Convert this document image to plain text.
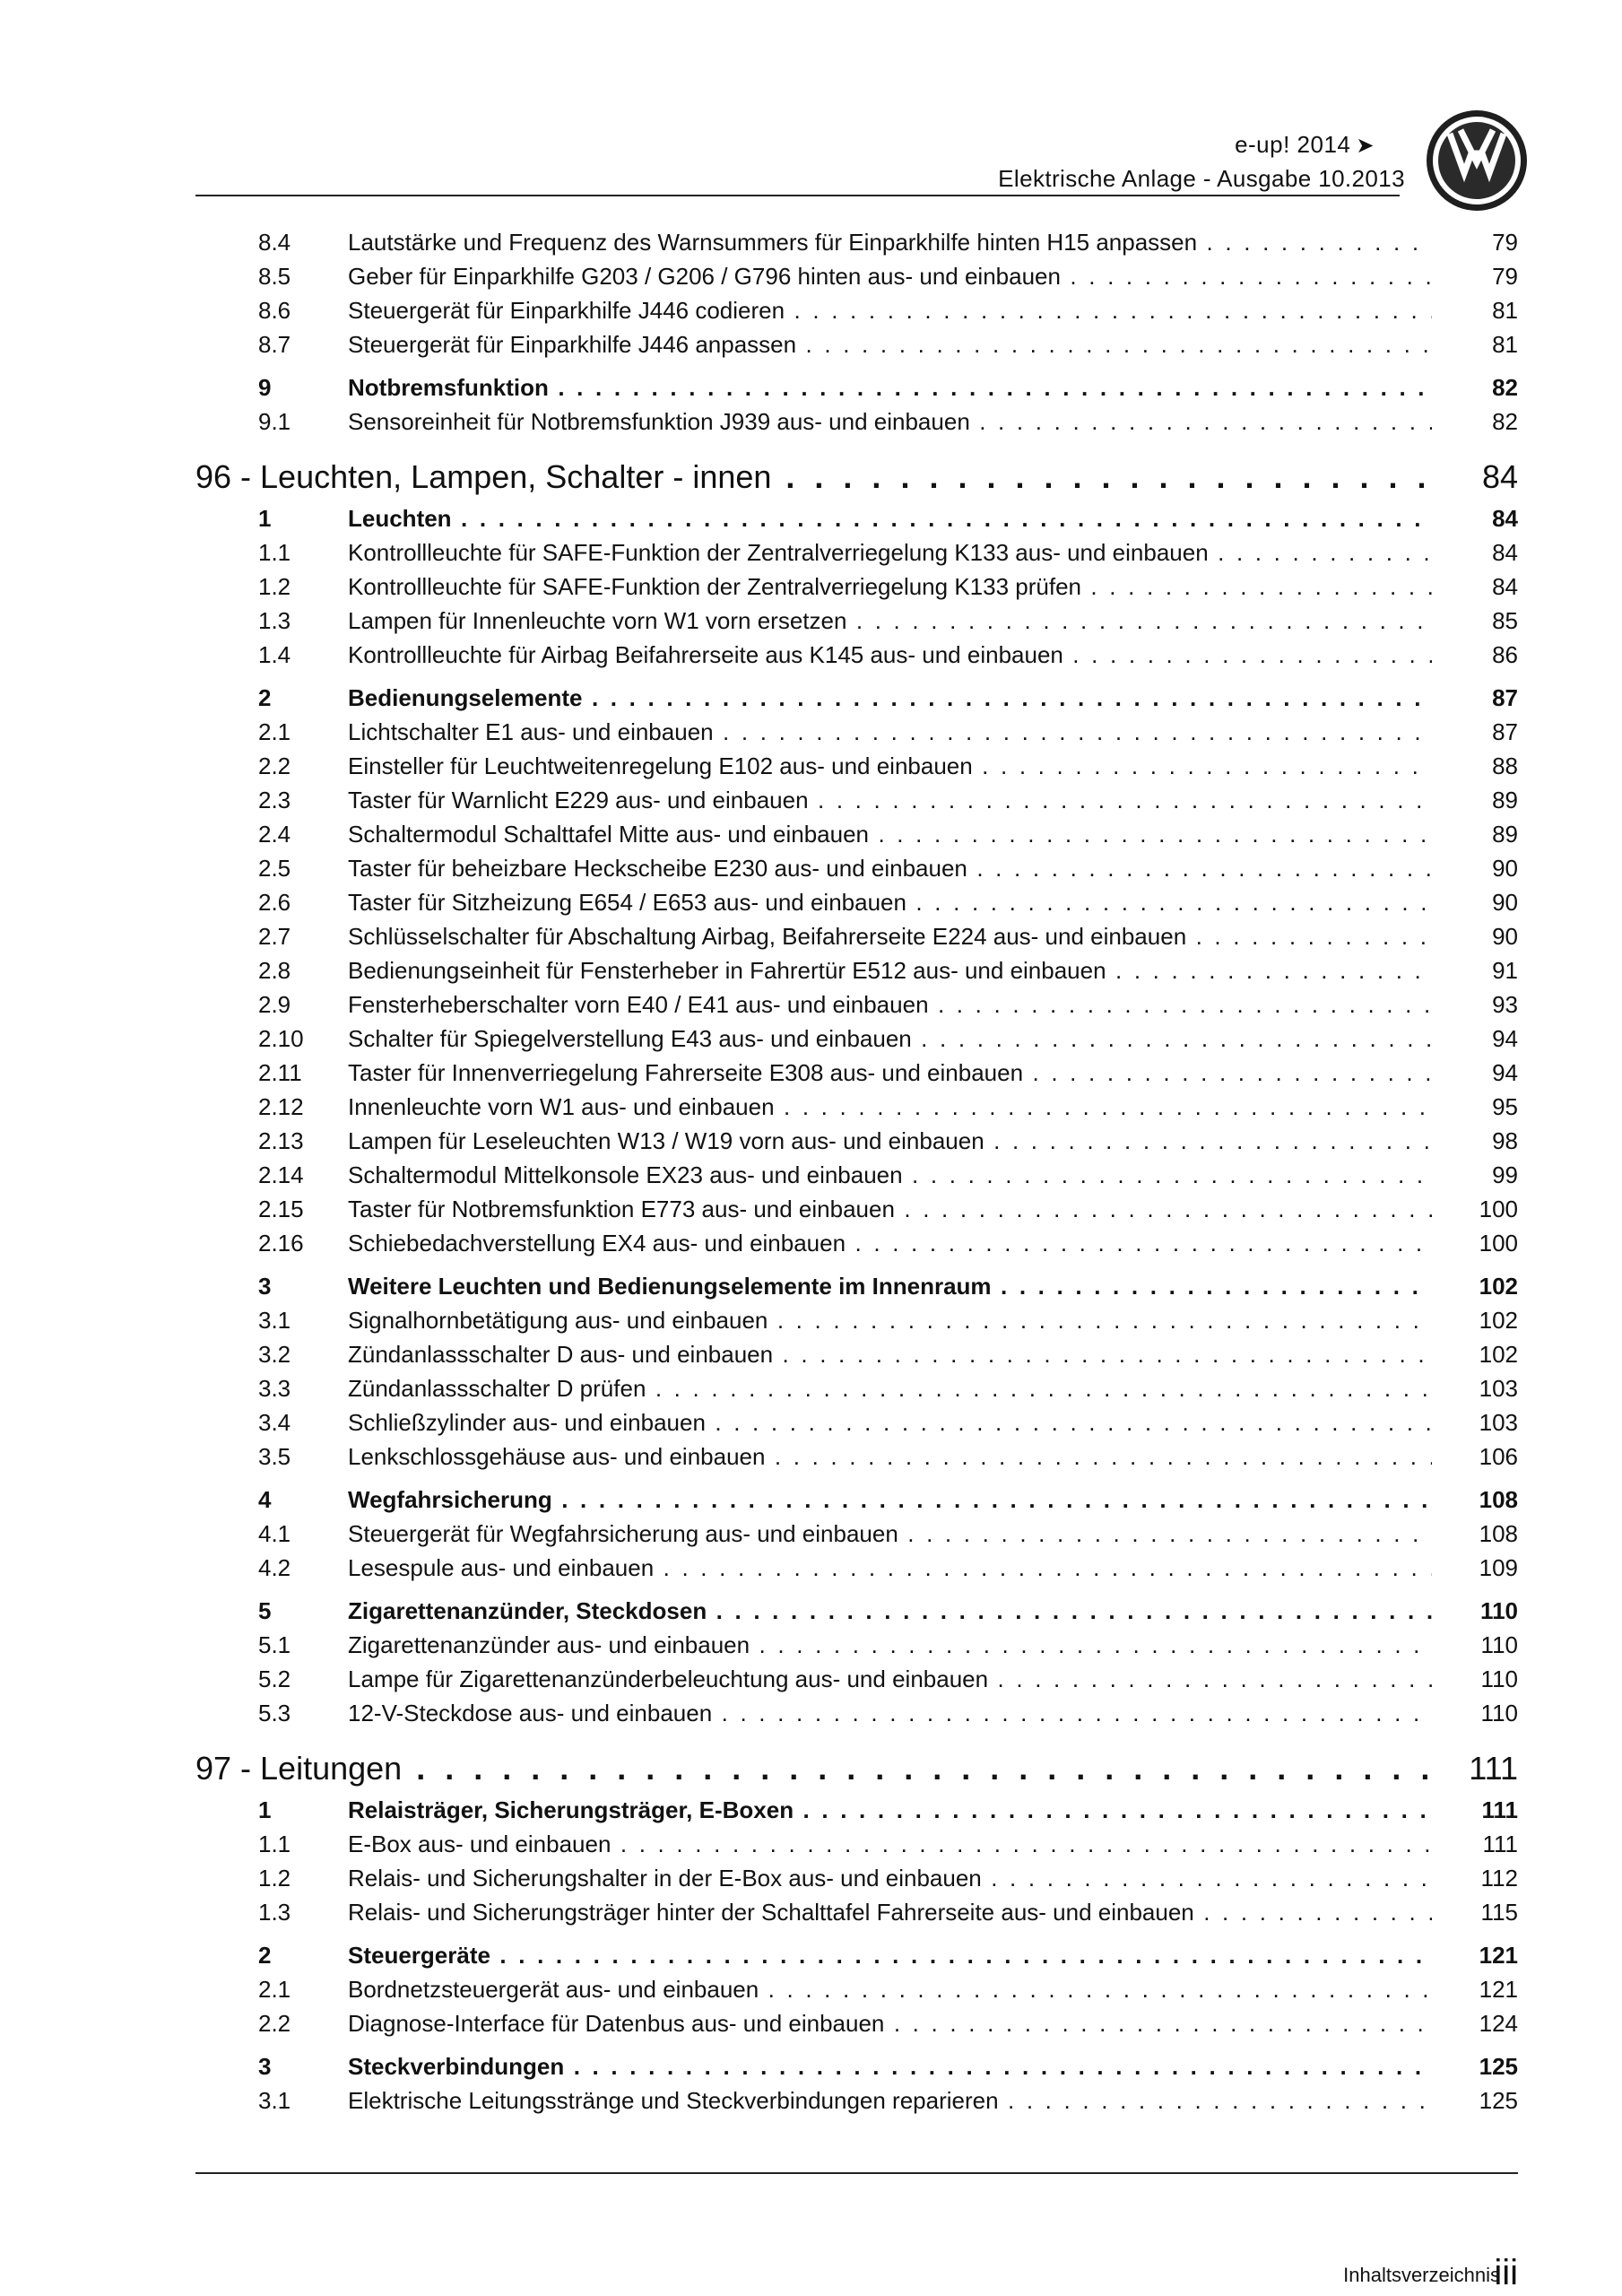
e-up! 2014 ➤
Elektrische Anlage - Ausgabe 10.2013
8.4 Lautstärke und Frequenz des Warnsummers für Einparkhilfe hinten H15 anpassen . . .	79
8.5 Geber für Einparkhilfe G203 / G206 / G796 hinten aus- und einbauen . . .	79
8.6 Steuergerät für Einparkhilfe J446 codieren . . .	81
8.7 Steuergerät für Einparkhilfe J446 anpassen . . .	81
9	Notbremsfunktion . . .	82
9.1 Sensoreinheit für Notbremsfunktion J939 aus- und einbauen . . .	82
96 - Leuchten, Lampen, Schalter - innen . . .	84
1	Leuchten . . .	84
1.1 Kontrollleuchte für SAFE-Funktion der Zentralverriegelung K133 aus- und einbauen . . .	84
1.2 Kontrollleuchte für SAFE-Funktion der Zentralverriegelung K133 prüfen . . .	84
1.3 Lampen für Innenleuchte vorn W1 vorn ersetzen . . .	85
1.4 Kontrollleuchte für Airbag Beifahrerseite aus K145 aus- und einbauen . . .	86
2	Bedienungselemente . . .	87
2.1 Lichtschalter E1 aus- und einbauen . . .	87
2.2 Einsteller für Leuchtweitenregelung E102 aus- und einbauen . . .	88
2.3 Taster für Warnlicht E229 aus- und einbauen . . .	89
2.4 Schaltermodul Schalttafel Mitte aus- und einbauen . . .	89
2.5 Taster für beheizbare Heckscheibe E230 aus- und einbauen . . .	90
2.6 Taster für Sitzheizung E654 / E653 aus- und einbauen . . .	90
2.7 Schlüsselschalter für Abschaltung Airbag, Beifahrerseite E224 aus- und einbauen . . .	90
2.8 Bedienungseinheit für Fensterheber in Fahrertür E512 aus- und einbauen . . .	91
2.9 Fensterheberschalter vorn E40 / E41 aus- und einbauen . . .	93
2.10 Schalter für Spiegelverstellung E43 aus- und einbauen . . .	94
2.11 Taster für Innenverriegelung Fahrerseite E308 aus- und einbauen . . .	94
2.12 Innenleuchte vorn W1 aus- und einbauen . . .	95
2.13 Lampen für Leseleuchten W13 / W19 vorn aus- und einbauen . . .	98
2.14 Schaltermodul Mittelkonsole EX23 aus- und einbauen . . .	99
2.15 Taster für Notbremsfunktion E773 aus- und einbauen . . .	100
2.16 Schiebedachverstellung EX4 aus- und einbauen . . .	100
3	Weitere Leuchten und Bedienungselemente im Innenraum . . .	102
3.1 Signalhornbetätigung aus- und einbauen . . .	102
3.2 Zündanlassschalter D aus- und einbauen . . .	102
3.3 Zündanlassschalter D prüfen . . .	103
3.4 Schließzylinder aus- und einbauen . . .	103
3.5 Lenkschlossgehäuse aus- und einbauen . . .	106
4	Wegfahrsicherung . . .	108
4.1 Steuergerät für Wegfahrsicherung aus- und einbauen . . .	108
4.2 Lesespule aus- und einbauen . . .	109
5	Zigarettenanzünder, Steckdosen . . .	110
5.1 Zigarettenanzünder aus- und einbauen . . .	110
5.2 Lampe für Zigarettenanzünderbeleuchtung aus- und einbauen . . .	110
5.3 12-V-Steckdose aus- und einbauen . . .	110
97 - Leitungen . . .	111
1	Relaisträger, Sicherungsträger, E-Boxen . . .	111
1.1 E-Box aus- und einbauen . . .	111
1.2 Relais- und Sicherungshalter in der E-Box aus- und einbauen . . .	112
1.3 Relais- und Sicherungsträger hinter der Schalttafel Fahrerseite aus- und einbauen . . .	115
2	Steuergeräte . . .	121
2.1 Bordnetzsteuergerät aus- und einbauen . . .	121
2.2 Diagnose-Interface für Datenbus aus- und einbauen . . .	124
3	Steckverbindungen . . .	125
3.1 Elektrische Leitungsstränge und Steckverbindungen reparieren . . .	125
Inhaltsverzeichnis
iii
